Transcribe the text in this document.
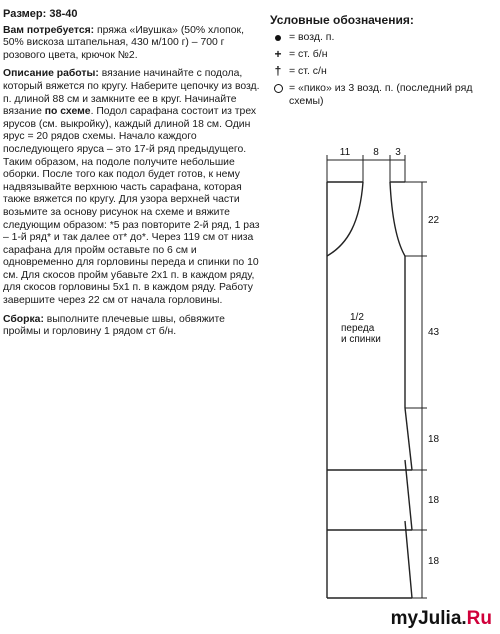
Размер: 38-40

Вам потребуется: пряжа «Ивушка» (50% хлопок, 50% вискоза штапельная, 430 м/100 г) – 700 г розового цвета, крючок №2.

Описание работы: вязание начинайте с подола, который вяжется по кругу. Наберите цепочку из возд. п. длиной 88 см и замкните ее в круг. Начинайте вязание по схеме. Подол сарафана состоит из трех ярусов (см. выкройку), каждый длиной 18 см. Один ярус = 20 рядов схемы. Начало каждого последующего яруса – это 17-й ряд предыдущего. Таким образом, на подоле получите небольшие оборки. После того как подол будет готов, к нему надвязывайте верхнюю часть сарафана, которая также вяжется по кругу. Для узора верхней части возьмите за основу рисунок на схеме и вяжите следующим образом: *5 раз повторите 2-й ряд, 1 раз – 1-й ряд* и так далее от* до*. Через 119 см от низа сарафана для пройм оставьте по 6 см и одновременно для горловины переда и спинки по 10 см. Для скосов пройм убавьте 2x1 п. в каждом ряду, для скосов горловины 5x1 п. в каждом ряду. Работу завершите через 22 см от начала горловины.

Сборка: выполните плечевые швы, обвяжите проймы и горловину 1 рядом ст б/н.

Условные обозначения:
= возд. п.
+ = ст. б/н
† = ст. с/н
= «пико» из 3 возд. п. (последний ряд схемы)
11 8 3
22
43
18
18
18
1/2
переда
и спинки
myJulia.Ru
